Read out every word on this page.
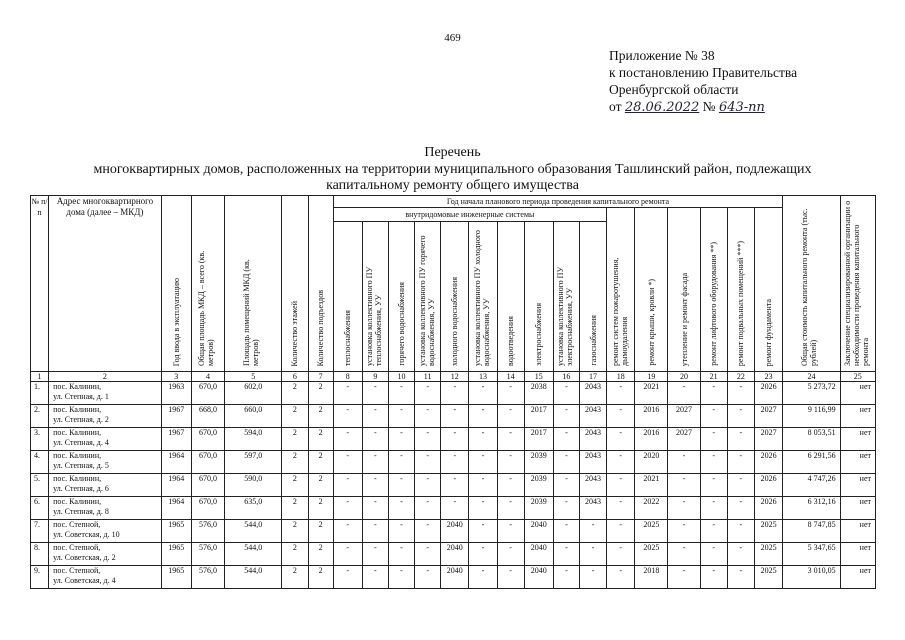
469
Приложение № 38
к постановлению Правительства
Оренбургской области
от 28.06.2022 № 643-пп
Перечень
многоквартирных домов, расположенных на территории муниципального образования Ташлинский район, подлежащих
капитальному ремонту общего имущества
№ п/п	Адрес многоквартирного дома (далее – МКД)	Год ввода в эксплуатацию	Общая площадь МКД – всего (кв. метров)	Площадь помещений МКД (кв. метров)	Количество этажей	Количество подъездов	Год начала планового периода проведения капитального ремонта																Общая стоимость капитального ремонта (тыс. рублей)	Заключение специализированной организации о необходимости проведения капитального ремонта
							внутридомовые инженерные системы										ремонт систем пожаротушения, дымоудаления	ремонт крыши, кровли *)	утепление и ремонт фасада	ремонт лифтового оборудования **)	ремонт подвальных помещений ***)	ремонт фундамента		
							теплоснабжения	установка коллективного ПУ теплоснабжения, УУ	горячего водоснабжения	установка коллективного ПУ горячего водоснабжения, УУ	холодного водоснабжения	установка коллективного ПУ холодного водоснабжения, УУ	водоотведения	электроснабжения	установка коллективного ПУ электроснабжения, УУ	газоснабжения								
1	2	3	4	5	6	7	8	9	10	11	12	13	14	15	16	17	18	19	20	21	22	23	24	25
1.	пос. Калинин,
ул. Степная, д. 1	1963	670,0	602,0	2	2	-	-	-	-	-	-	-	2038	-	2043	-	2021	-	-	-	2026	5 273,72	нет
2.	пос. Калинин,
ул. Степная, д. 2	1967	668,0	660,0	2	2	-	-	-	-	-	-	-	2017	-	2043	-	2016	2027	-	-	2027	9 116,99	нет
3.	пос. Калинин,
ул. Степная, д. 4	1967	670,0	594,0	2	2	-	-	-	-	-	-	-	2017	-	2043	-	2016	2027	-	-	2027	8 053,51	нет
4.	пос. Калинин,
ул. Степная, д. 5	1964	670,0	597,0	2	2	-	-	-	-	-	-	-	2039	-	2043	-	2020	-	-	-	2026	6 291,56	нет
5.	пос. Калинин,
ул. Степная, д. 6	1964	670,0	590,0	2	2	-	-	-	-	-	-	-	2039	-	2043	-	2021	-	-	-	2026	4 747,26	нет
6.	пос. Калинин,
ул. Степная, д. 8	1964	670,0	635,0	2	2	-	-	-	-	-	-	-	2039	-	2043	-	2022	-	-	-	2026	6 312,16	нет
7.	пос. Степной,
ул. Советская, д. 10	1965	576,0	544,0	2	2	-	-	-	-	2040	-	-	2040	-	-	-	2025	-	-	-	2025	8 747,85	нет
8.	пос. Степной,
ул. Советская, д. 2	1965	576,0	544,0	2	2	-	-	-	-	2040	-	-	2040	-	-	-	2025	-	-	-	2025	5 347,65	нет
9.	пос. Степной,
ул. Советская, д. 4	1965	576,0	544,0	2	2	-	-	-	-	2040	-	-	2040	-	-	-	2018	-	-	-	2025	3 010,05	нет
